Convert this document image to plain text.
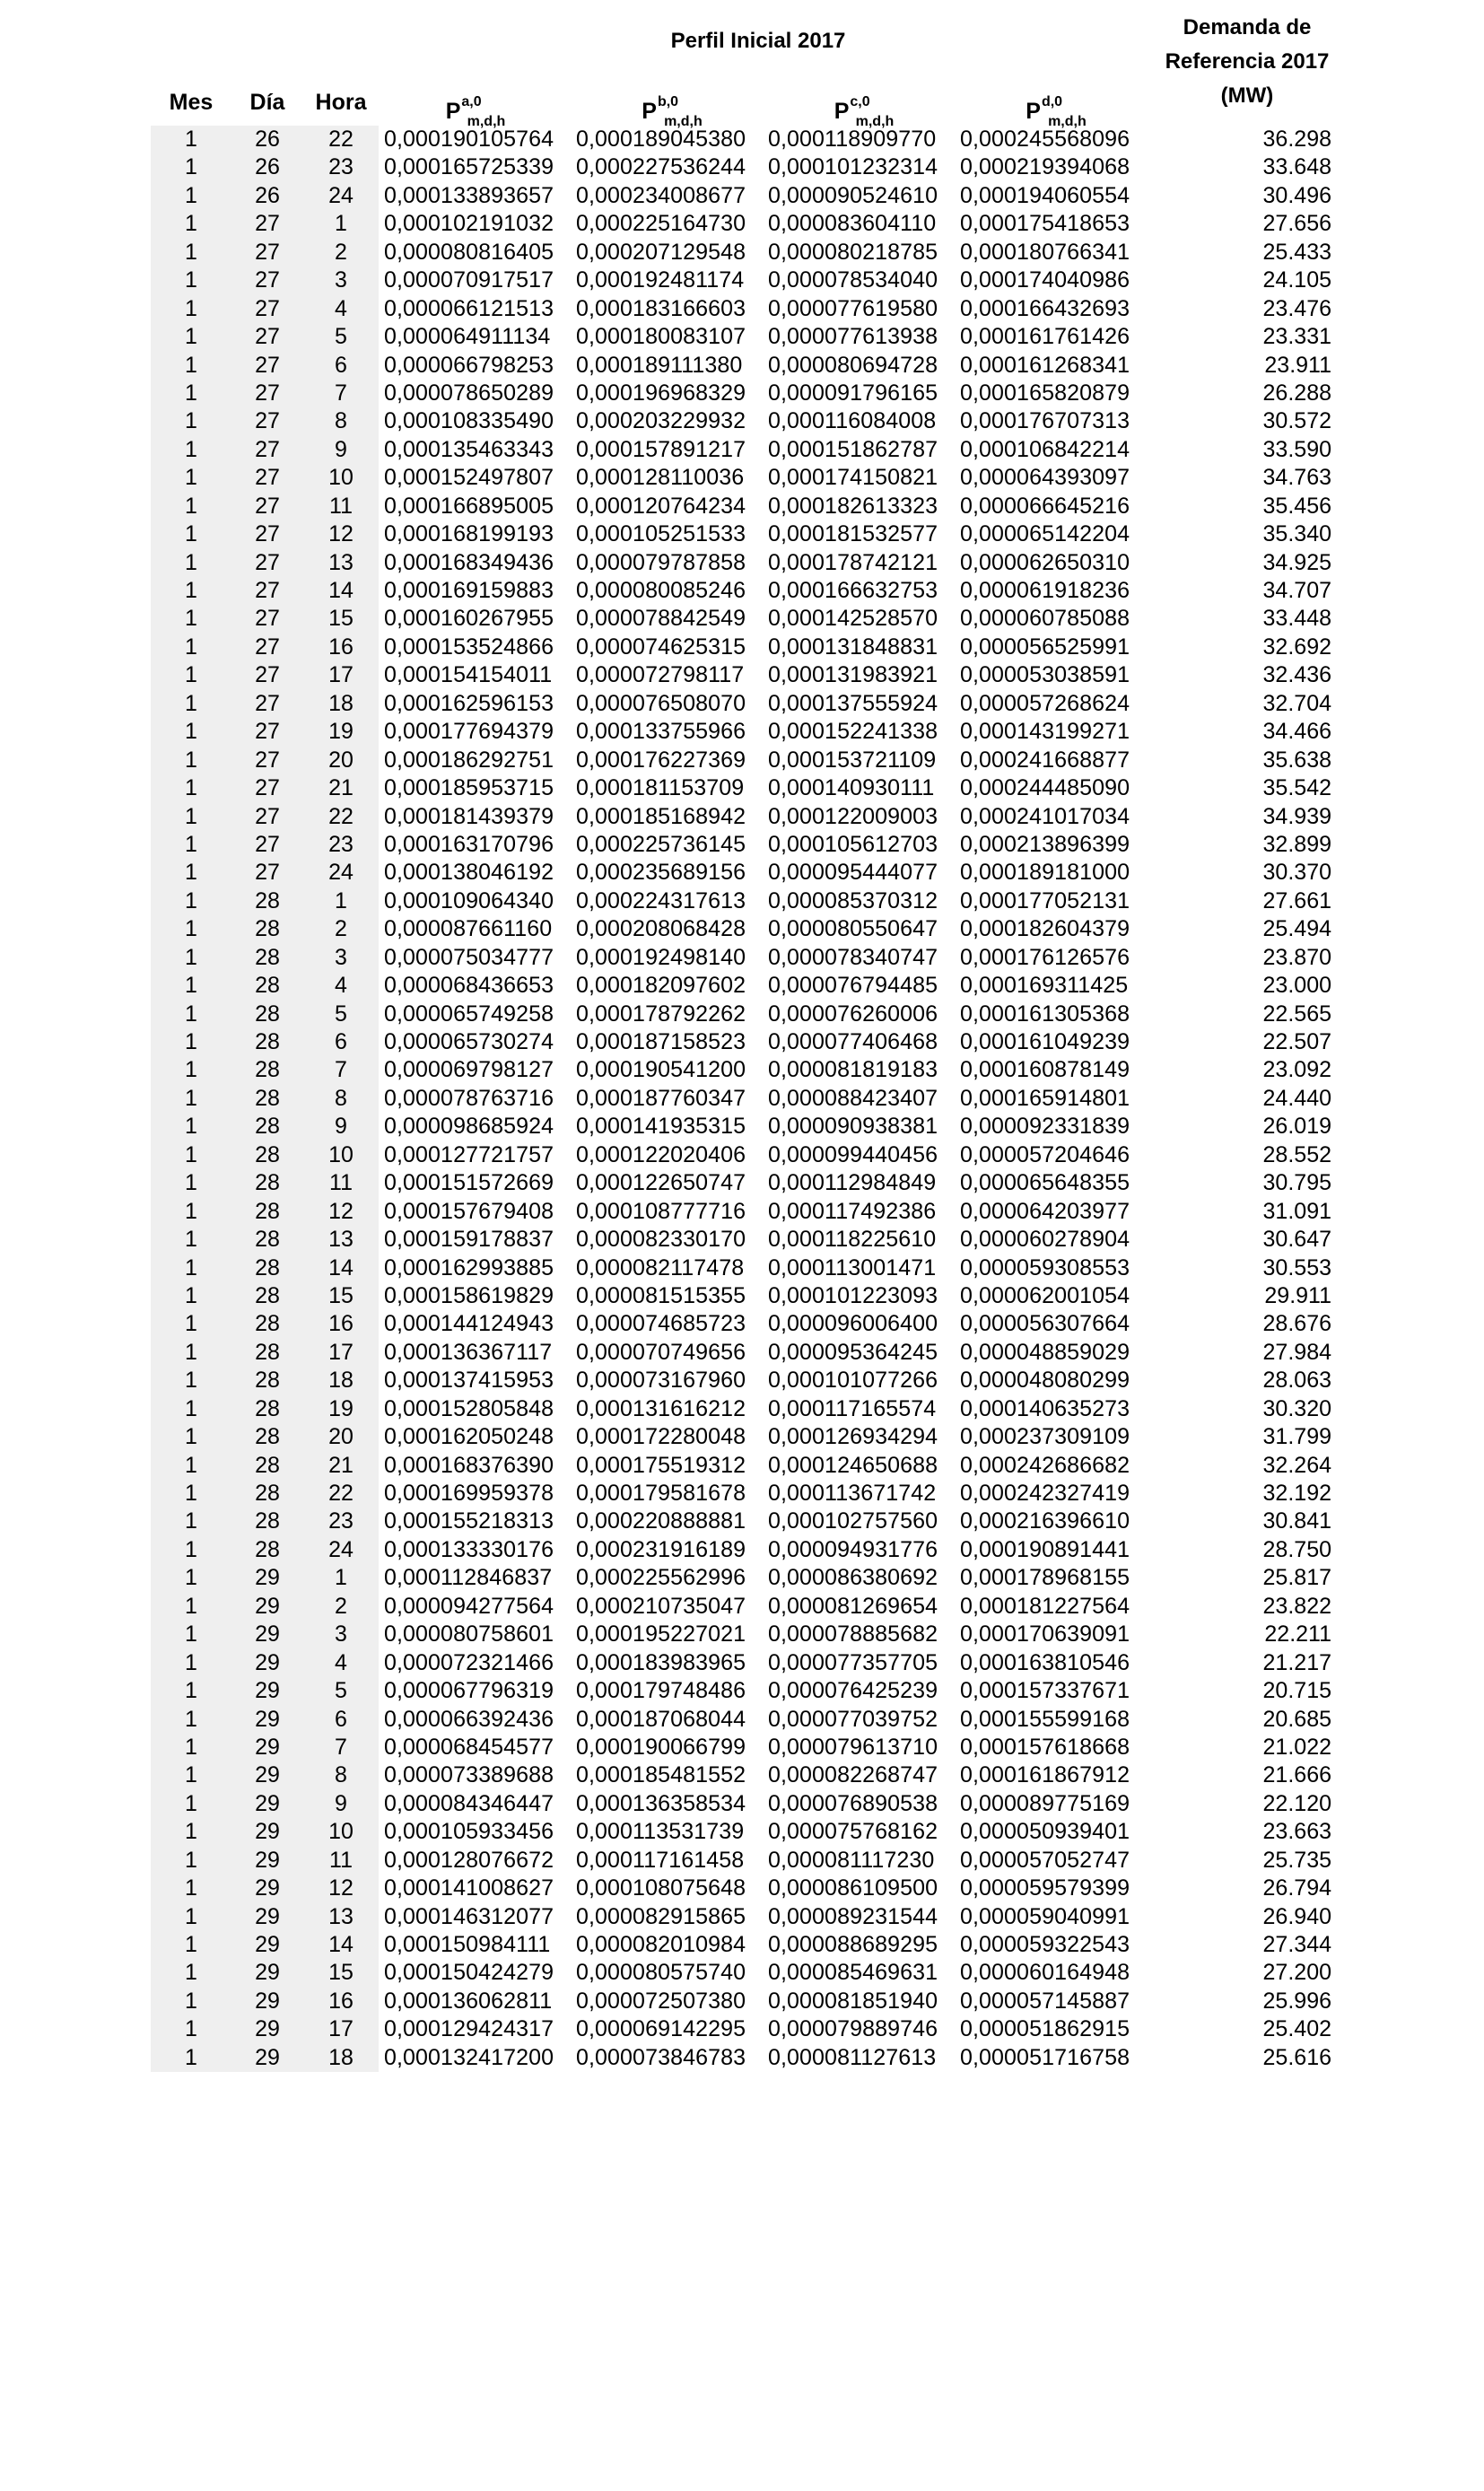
Perfil Inicial 2017
Demanda de
Referencia 2017
(MW)
Mes	Día	Hora	P$^{a,0}_{m,d,h}$	P$^{b,0}_{m,d,h}$	P$^{c,0}_{m,d,h}$	P$^{d,0}_{m,d,h}$
1	26	22	0,000190105764 0,000189045380 0,000118909770	0,000245568096	36.298
1	26	23	0,000165725339 0,000227536244 0,000101232314 0,000219394068	33.648
1	26	24	0,000133893657 0,000234008677 0,000090524610 0,000194060554	30.496
1	27	1	0,000102191032 0,000225164730 0,000083604110	0,000175418653	27.656
1	27	2	0,000080816405 0,000207129548 0,000080218785 0,000180766341	25.433
1	27	3	0,000070917517 0,000192481174	0,000078534040 0,000174040986	24.105
1	27	4	0,000066121513 0,000183166603 0,000077619580 0,000166432693	23.476
1	27	5	0,000064911134	0,000180083107 0,000077613938 0,000161761426	23.331
1	27	6	0,000066798253 0,000189111380	0,000080694728 0,000161268341	23.911
1	27	7	0,000078650289 0,000196968329 0,000091796165 0,000165820879	26.288
1	27	8	0,000108335490 0,000203229932 0,000116084008	0,000176707313	30.572
1	27	9	0,000135463343 0,000157891217 0,000151862787 0,000106842214	33.590
1	27	10	0,000152497807 0,000128110036	0,000174150821 0,000064393097	34.763
1	27	11	0,000166895005 0,000120764234 0,000182613323 0,000066645216	35.456
1	27	12	0,000168199193 0,000105251533 0,000181532577 0,000065142204	35.340
1	27	13	0,000168349436 0,000079787858 0,000178742121 0,000062650310	34.925
1	27	14	0,000169159883 0,000080085246 0,000166632753 0,000061918236	34.707
1	27	15	0,000160267955 0,000078842549 0,000142528570 0,000060785088	33.448
1	27	16	0,000153524866 0,000074625315 0,000131848831 0,000056525991	32.692
1	27	17	0,000154154011	0,000072798117	0,000131983921 0,000053038591	32.436
1	27	18	0,000162596153 0,000076508070 0,000137555924 0,000057268624	32.704
1	27	19	0,000177694379 0,000133755966 0,000152241338 0,000143199271	34.466
1	27	20	0,000186292751 0,000176227369 0,000153721109	0,000241668877	35.638
1	27	21	0,000185953715 0,000181153709	0,000140930111	0,000244485090	35.542
1	27	22	0,000181439379 0,000185168942 0,000122009003 0,000241017034	34.939
1	27	23	0,000163170796 0,000225736145 0,000105612703 0,000213896399	32.899
1	27	24	0,000138046192 0,000235689156 0,000095444077 0,000189181000	30.370
1	28	1	0,000109064340 0,000224317613 0,000085370312 0,000177052131	27.661
1	28	2	0,000087661160	0,000208068428 0,000080550647 0,000182604379	25.494
1	28	3	0,000075034777 0,000192498140 0,000078340747 0,000176126576	23.870
1	28	4	0,000068436653 0,000182097602 0,000076794485 0,000169311425	23.000
1	28	5	0,000065749258 0,000178792262 0,000076260006 0,000161305368	22.565
1	28	6	0,000065730274 0,000187158523 0,000077406468 0,000161049239	22.507
1	28	7	0,000069798127 0,000190541200 0,000081819183 0,000160878149	23.092
1	28	8	0,000078763716 0,000187760347 0,000088423407 0,000165914801	24.440
1	28	9	0,000098685924 0,000141935315 0,000090938381 0,000092331839	26.019
1	28	10	0,000127721757 0,000122020406 0,000099440456 0,000057204646	28.552
1	28	11	0,000151572669 0,000122650747 0,000112984849	0,000065648355	30.795
1	28	12	0,000157679408 0,000108777716 0,000117492386	0,000064203977	31.091
1	28	13	0,000159178837 0,000082330170 0,000118225610	0,000060278904	30.647
1	28	14	0,000162993885 0,000082117478	0,000113001471	0,000059308553	30.553
1	28	15	0,000158619829 0,000081515355 0,000101223093 0,000062001054	29.911
1	28	16	0,000144124943 0,000074685723 0,000096006400 0,000056307664	28.676
1	28	17	0,000136367117	0,000070749656 0,000095364245 0,000048859029	27.984
1	28	18	0,000137415953 0,000073167960 0,000101077266 0,000048080299	28.063
1	28	19	0,000152805848 0,000131616212 0,000117165574	0,000140635273	30.320
1	28	20	0,000162050248 0,000172280048 0,000126934294 0,000237309109	31.799
1	28	21	0,000168376390 0,000175519312 0,000124650688 0,000242686682	32.264
1	28	22	0,000169959378 0,000179581678 0,000113671742	0,000242327419	32.192
1	28	23	0,000155218313 0,000220888881 0,000102757560 0,000216396610	30.841
1	28	24	0,000133330176 0,000231916189 0,000094931776 0,000190891441	28.750
1	29	1	0,000112846837	0,000225562996 0,000086380692 0,000178968155	25.817
1	29	2	0,000094277564 0,000210735047 0,000081269654 0,000181227564	23.822
1	29	3	0,000080758601 0,000195227021 0,000078885682 0,000170639091	22.211
1	29	4	0,000072321466 0,000183983965 0,000077357705 0,000163810546	21.217
1	29	5	0,000067796319 0,000179748486 0,000076425239 0,000157337671	20.715
1	29	6	0,000066392436 0,000187068044 0,000077039752 0,000155599168	20.685
1	29	7	0,000068454577 0,000190066799 0,000079613710 0,000157618668	21.022
1	29	8	0,000073389688 0,000185481552 0,000082268747 0,000161867912	21.666
1	29	9	0,000084346447 0,000136358534 0,000076890538 0,000089775169	22.120
1	29	10	0,000105933456 0,000113531739	0,000075768162 0,000050939401	23.663
1	29	11	0,000128076672 0,000117161458	0,000081117230	0,000057052747	25.735
1	29	12	0,000141008627 0,000108075648 0,000086109500 0,000059579399	26.794
1	29	13	0,000146312077 0,000082915865 0,000089231544 0,000059040991	26.940
1	29	14	0,000150984111	0,000082010984 0,000088689295 0,000059322543	27.344
1	29	15	0,000150424279 0,000080575740 0,000085469631 0,000060164948	27.200
1	29	16	0,000136062811	0,000072507380 0,000081851940 0,000057145887	25.996
1	29	17	0,000129424317 0,000069142295 0,000079889746 0,000051862915	25.402
1	29	18	0,000132417200 0,000073846783 0,000081127613	0,000051716758	25.616
